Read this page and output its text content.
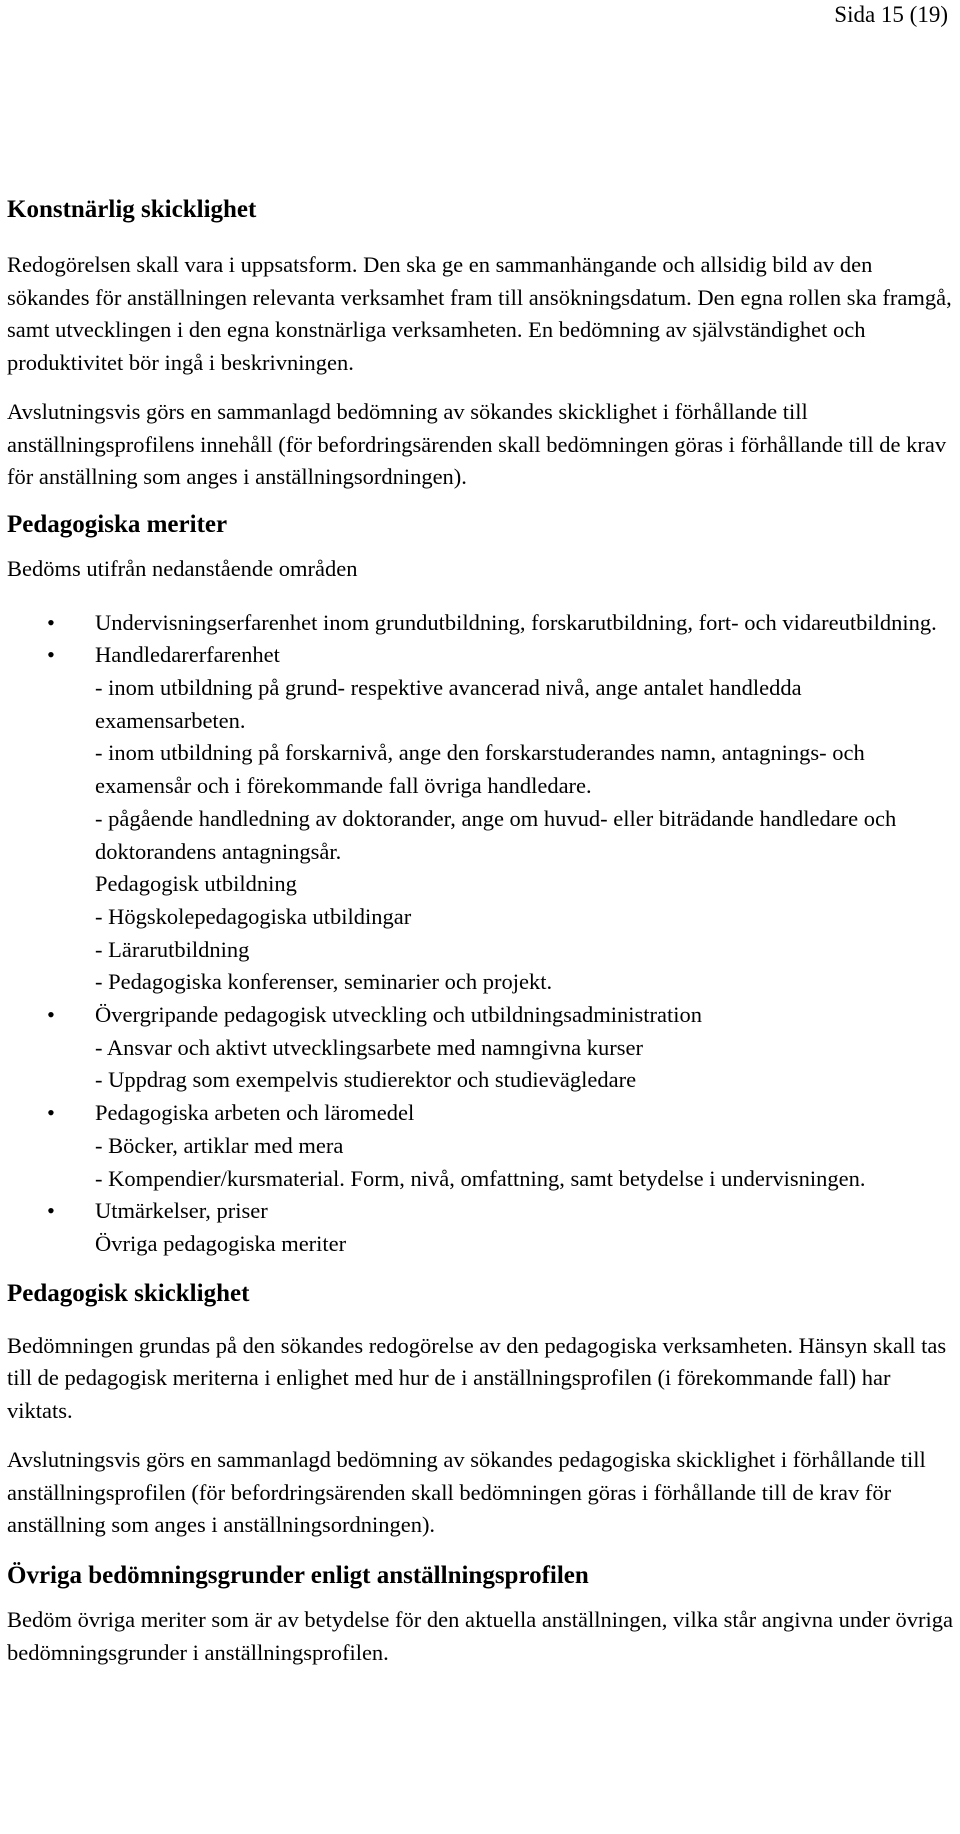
Sida 15 (19)
Konstnärlig skicklighet

Redogörelsen skall vara i uppsatsform. Den ska ge en sammanhängande och allsidig bild av den sökandes för anställningen relevanta verksamhet fram till ansökningsdatum. Den egna rollen ska framgå, samt utvecklingen i den egna konstnärliga verksamheten. En bedömning av självständighet och produktivitet bör ingå i beskrivningen.

Avslutningsvis görs en sammanlagd bedömning av sökandes skicklighet i förhållande till anställningsprofilens innehåll (för befordringsärenden skall bedömningen göras i förhållande till de krav för anställning som anges i anställningsordningen).

Pedagogiska meriter

Bedöms utifrån nedanstående områden

• Undervisningserfarenhet inom grundutbildning, forskarutbildning, fort- och vidareutbildning.
• Handledarerfarenhet
- inom utbildning på grund- respektive avancerad nivå, ange antalet handledda examensarbeten.
- inom utbildning på forskarnivå, ange den forskarstuderandes namn, antagnings- och examensår och i förekommande fall övriga handledare.
- pågående handledning av doktorander, ange om huvud- eller biträdande handledare och doktorandens antagningsår.
Pedagogisk utbildning
- Högskolepedagogiska utbildingar
- Lärarutbildning
- Pedagogiska konferenser, seminarier och projekt.
• Övergripande pedagogisk utveckling och utbildningsadministration
- Ansvar och aktivt utvecklingsarbete med namngivna kurser
- Uppdrag som exempelvis studierektor och studievägledare
• Pedagogiska arbeten och läromedel
- Böcker, artiklar med mera
- Kompendier/kursmaterial. Form, nivå, omfattning, samt betydelse i undervisningen.
• Utmärkelser, priser
Övriga pedagogiska meriter
Pedagogisk skicklighet

Bedömningen grundas på den sökandes redogörelse av den pedagogiska verksamheten. Hänsyn skall tas till de pedagogisk meriterna i enlighet med hur de i anställningsprofilen (i förekommande fall) har viktats.

Avslutningsvis görs en sammanlagd bedömning av sökandes pedagogiska skicklighet i förhållande till anställningsprofilen (för befordringsärenden skall bedömningen göras i förhållande till de krav för anställning som anges i anställningsordningen).

Övriga bedömningsgrunder enligt anställningsprofilen

Bedöm övriga meriter som är av betydelse för den aktuella anställningen, vilka står angivna under övriga bedömningsgrunder i anställningsprofilen.
